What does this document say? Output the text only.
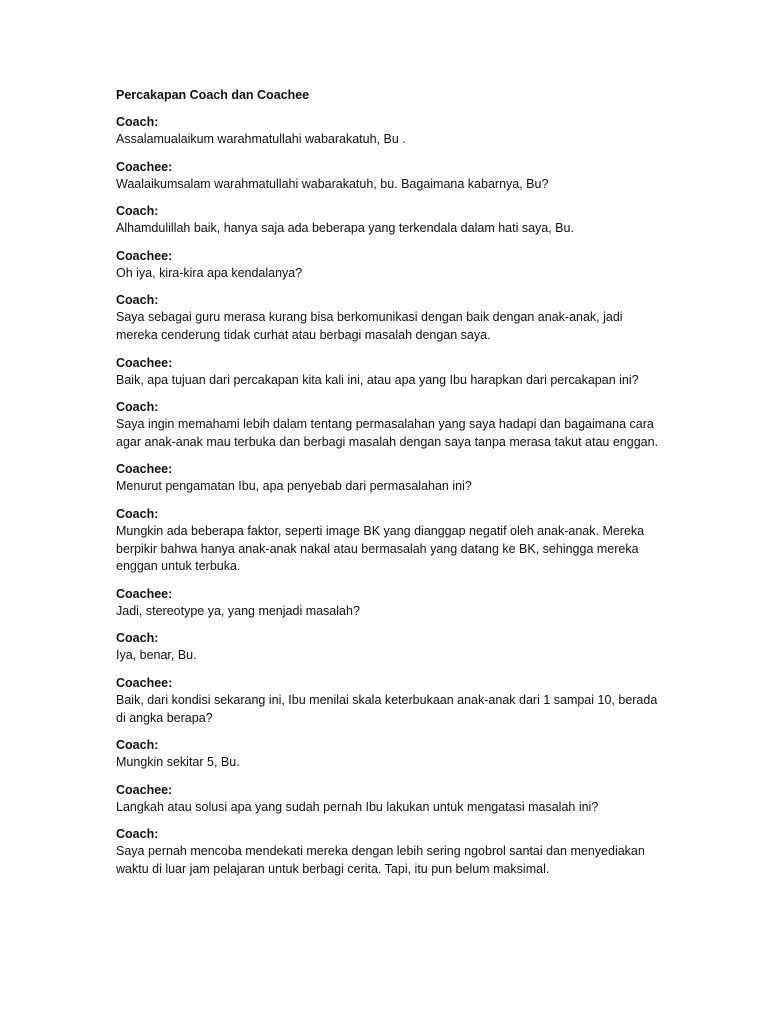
Percakapan Coach dan Coachee

Coach:

Assalamualaikum warahmatullahi wabarakatuh, Bu .

Coachee:

Waalaikumsalam warahmatullahi wabarakatuh, bu. Bagaimana kabarnya, Bu?

Coach:

Alhamdulillah baik, hanya saja ada beberapa yang terkendala dalam hati saya, Bu.

Coachee:

Oh iya, kira-kira apa kendalanya?

Coach:

Saya sebagai guru merasa kurang bisa berkomunikasi dengan baik dengan anak-anak, jadi mereka cenderung tidak curhat atau berbagi masalah dengan saya.

Coachee:

Baik, apa tujuan dari percakapan kita kali ini, atau apa yang Ibu harapkan dari percakapan ini?

Coach:

Saya ingin memahami lebih dalam tentang permasalahan yang saya hadapi dan bagaimana cara agar anak-anak mau terbuka dan berbagi masalah dengan saya tanpa merasa takut atau enggan.

Coachee:

Menurut pengamatan Ibu, apa penyebab dari permasalahan ini?

Coach:

Mungkin ada beberapa faktor, seperti image BK yang dianggap negatif oleh anak-anak. Mereka berpikir bahwa hanya anak-anak nakal atau bermasalah yang datang ke BK, sehingga mereka enggan untuk terbuka.

Coachee:

Jadi, stereotype ya, yang menjadi masalah?

Coach:

Iya, benar, Bu.

Coachee:

Baik, dari kondisi sekarang ini, Ibu menilai skala keterbukaan anak-anak dari 1 sampai 10, berada di angka berapa?

Coach:

Mungkin sekitar 5, Bu.

Coachee:

Langkah atau solusi apa yang sudah pernah Ibu lakukan untuk mengatasi masalah ini?

Coach:

Saya pernah mencoba mendekati mereka dengan lebih sering ngobrol santai dan menyediakan waktu di luar jam pelajaran untuk berbagi cerita. Tapi, itu pun belum maksimal.
